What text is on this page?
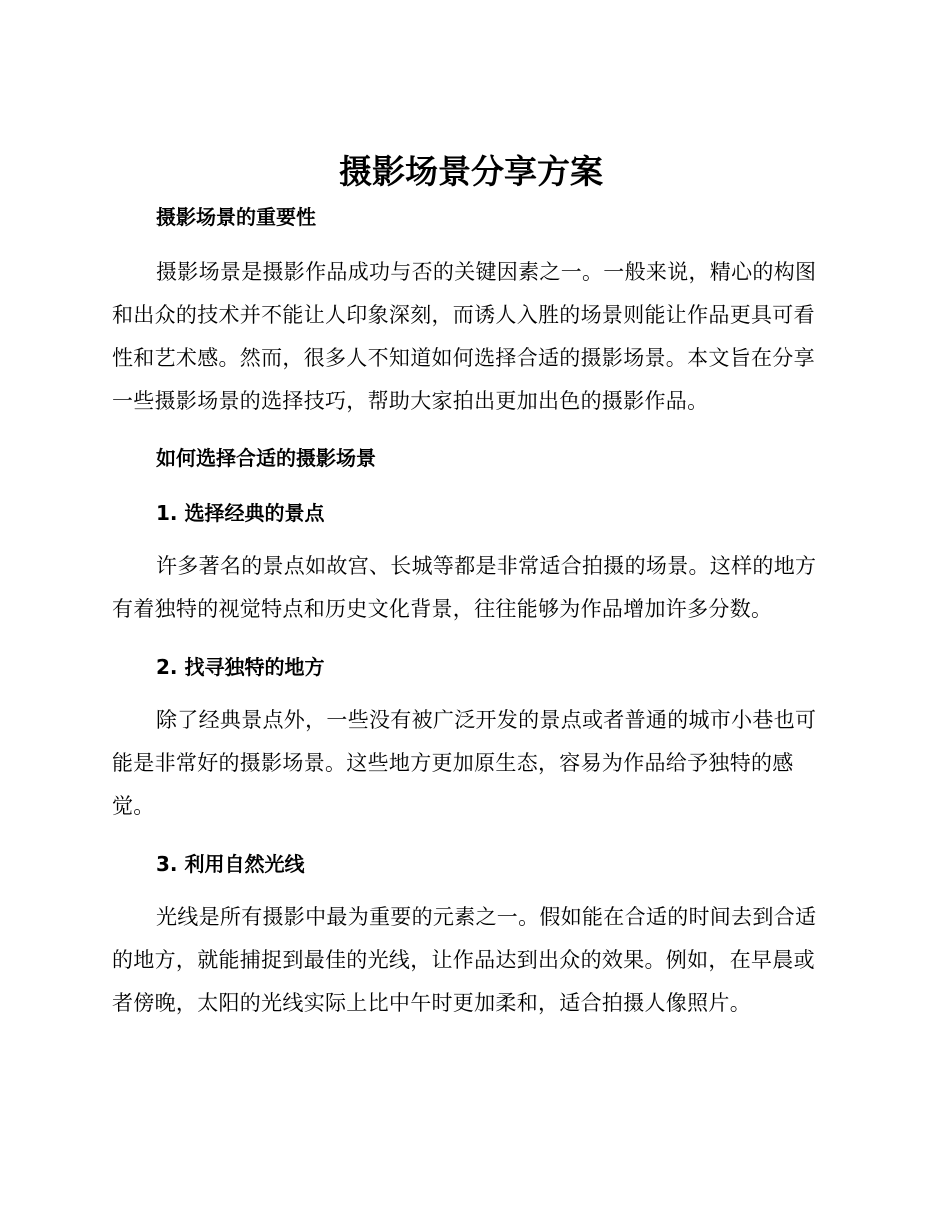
摄影场景分享方案
摄影场景的重要性

摄影场景是摄影作品成功与否的关键因素之一。一般来说，精心的构图和出众的技术并不能让人印象深刻，而诱人入胜的场景则能让作品更具可看性和艺术感。然而，很多人不知道如何选择合适的摄影场景。本文旨在分享一些摄影场景的选择技巧，帮助大家拍出更加出色的摄影作品。

如何选择合适的摄影场景
1. 选择经典的景点

许多著名的景点如故宫、长城等都是非常适合拍摄的场景。这样的地方有着独特的视觉特点和历史文化背景，往往能够为作品增加许多分数。

2. 找寻独特的地方

除了经典景点外，一些没有被广泛开发的景点或者普通的城市小巷也可能是非常好的摄影场景。这些地方更加原生态，容易为作品给予独特的感觉。

3. 利用自然光线

光线是所有摄影中最为重要的元素之一。假如能在合适的时间去到合适的地方，就能捕捉到最佳的光线，让作品达到出众的效果。例如，在早晨或者傍晚，太阳的光线实际上比中午时更加柔和，适合拍摄人像照片。
